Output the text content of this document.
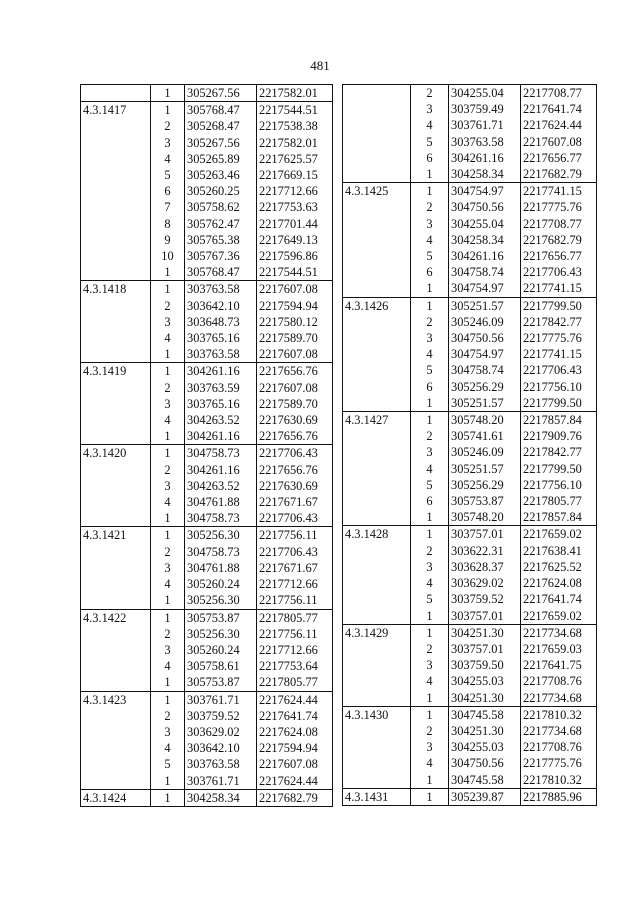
481
	1	305267.56	2217582.01
4.3.1417	1	305768.47	2217544.51
	2	305268.47	2217538.38
	3	305267.56	2217582.01
	4	305265.89	2217625.57
	5	305263.46	2217669.15
	6	305260.25	2217712.66
	7	305758.62	2217753.63
	8	305762.47	2217701.44
	9	305765.38	2217649.13
	10	305767.36	2217596.86
	1	305768.47	2217544.51
4.3.1418	1	303763.58	2217607.08
	2	303642.10	2217594.94
	3	303648.73	2217580.12
	4	303765.16	2217589.70
	1	303763.58	2217607.08
4.3.1419	1	304261.16	2217656.76
	2	303763.59	2217607.08
	3	303765.16	2217589.70
	4	304263.52	2217630.69
	1	304261.16	2217656.76
4.3.1420	1	304758.73	2217706.43
	2	304261.16	2217656.76
	3	304263.52	2217630.69
	4	304761.88	2217671.67
	1	304758.73	2217706.43
4.3.1421	1	305256.30	2217756.11
	2	304758.73	2217706.43
	3	304761.88	2217671.67
	4	305260.24	2217712.66
	1	305256.30	2217756.11
4.3.1422	1	305753.87	2217805.77
	2	305256.30	2217756.11
	3	305260.24	2217712.66
	4	305758.61	2217753.64
	1	305753.87	2217805.77
4.3.1423	1	303761.71	2217624.44
	2	303759.52	2217641.74
	3	303629.02	2217624.08
	4	303642.10	2217594.94
	5	303763.58	2217607.08
	1	303761.71	2217624.44
4.3.1424	1	304258.34	2217682.79
	2	304255.04	2217708.77
	3	303759.49	2217641.74
	4	303761.71	2217624.44
	5	303763.58	2217607.08
	6	304261.16	2217656.77
	1	304258.34	2217682.79
4.3.1425	1	304754.97	2217741.15
	2	304750.56	2217775.76
	3	304255.04	2217708.77
	4	304258.34	2217682.79
	5	304261.16	2217656.77
	6	304758.74	2217706.43
	1	304754.97	2217741.15
4.3.1426	1	305251.57	2217799.50
	2	305246.09	2217842.77
	3	304750.56	2217775.76
	4	304754.97	2217741.15
	5	304758.74	2217706.43
	6	305256.29	2217756.10
	1	305251.57	2217799.50
4.3.1427	1	305748.20	2217857.84
	2	305741.61	2217909.76
	3	305246.09	2217842.77
	4	305251.57	2217799.50
	5	305256.29	2217756.10
	6	305753.87	2217805.77
	1	305748.20	2217857.84
4.3.1428	1	303757.01	2217659.02
	2	303622.31	2217638.41
	3	303628.37	2217625.52
	4	303629.02	2217624.08
	5	303759.52	2217641.74
	1	303757.01	2217659.02
4.3.1429	1	304251.30	2217734.68
	2	303757.01	2217659.03
	3	303759.50	2217641.75
	4	304255.03	2217708.76
	1	304251.30	2217734.68
4.3.1430	1	304745.58	2217810.32
	2	304251.30	2217734.68
	3	304255.03	2217708.76
	4	304750.56	2217775.76
	1	304745.58	2217810.32
4.3.1431	1	305239.87	2217885.96
